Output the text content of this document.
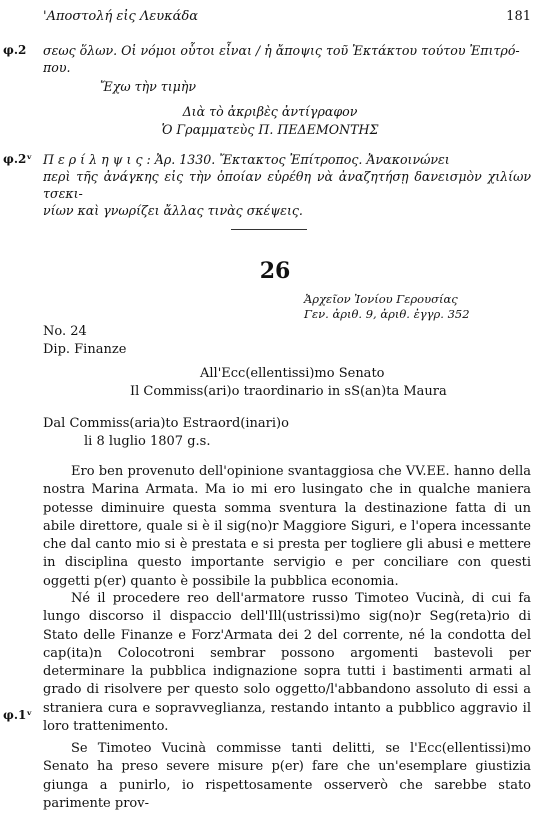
'Αποστολή εἰς Λευκάδα	181
φ.2 σεως ὅλων. Οἱ νόμοι οὗτοι εἶναι / ἡ ἄποψις τοῦ Ἐκτάκτου τούτου Ἐπιτρό-
που.
Ἔχω τὴν τιμὴν
Διὰ τὸ ἀκριβὲς ἀντίγραφον
Ὁ Γραμματεὺς Π. ΠΕΔΕΜΟΝΤΗΣ
φ.2ᵛ Π ε ρ ί λ η ψ ι ς : Ἀρ. 1330. Ἔκτακτος Ἐπίτροπος. Ἀνακοινώνει
περὶ τῆς ἀνάγκης εἰς τὴν ὁποίαν εὑρέθη νὰ ἀναζητήσῃ δανεισμὸν χιλίων τσεκι-
νίων καὶ γνωρίζει ἄλλας τινὰς σκέψεις.
26
Ἀρχεῖον Ἰονίου Γερουσίας
Γεν. ἀριθ. 9, ἀριθ. ἐγγρ. 352
No. 24
Dip. Finanze
All'Ecc(ellentissi)mo Senato
Il Commiss(ari)o traordinario in sS(an)ta Maura
Dal Commiss(aria)to Estraord(inari)o
li 8 luglio 1807 g.s.
Ero ben provenuto dell'opinione svantaggiosa che VV.EE. hanno della nostra Marina Armata. Ma io mi ero lusingato che in qualche maniera potesse diminuire questa somma sventura la destinazione fatta di un abile direttore, quale si è il sig(no)r Maggiore Siguri, e l'opera incessante che dal canto mio si è prestata e si presta per togliere gli abusi e mettere in disciplina questo importante servigio e per conciliare con questi oggetti p(er) quanto è possibile la pubblica economia.
Né il procedere reo dell'armatore russo Timoteo Vucinà, di cui fa lungo discorso il dispaccio dell'Ill(ustrissi)mo sig(no)r Seg(reta)rio di Stato delle Finanze e Forz'Armata dei 2 del corrente, né la condotta del cap(ita)n Colocotroni sembrar possono argomenti bastevoli per determinare la pubblica indignazione sopra tutti i bastimenti armati al grado di risolvere per questo solo oggetto/l'abbandono assoluto di essi a straniera cura e sopravveglianza, restando intanto a pubblico aggravio il loro trattenimento.
φ.1ᵛ
Se Timoteo Vucinà commisse tanti delitti, se l'Ecc(ellentissi)mo Senato ha preso severe misure p(er) fare che un'esemplare giustizia giunga a punirlo, io rispettosamente osserverò che sarebbe stato parimente prov-
